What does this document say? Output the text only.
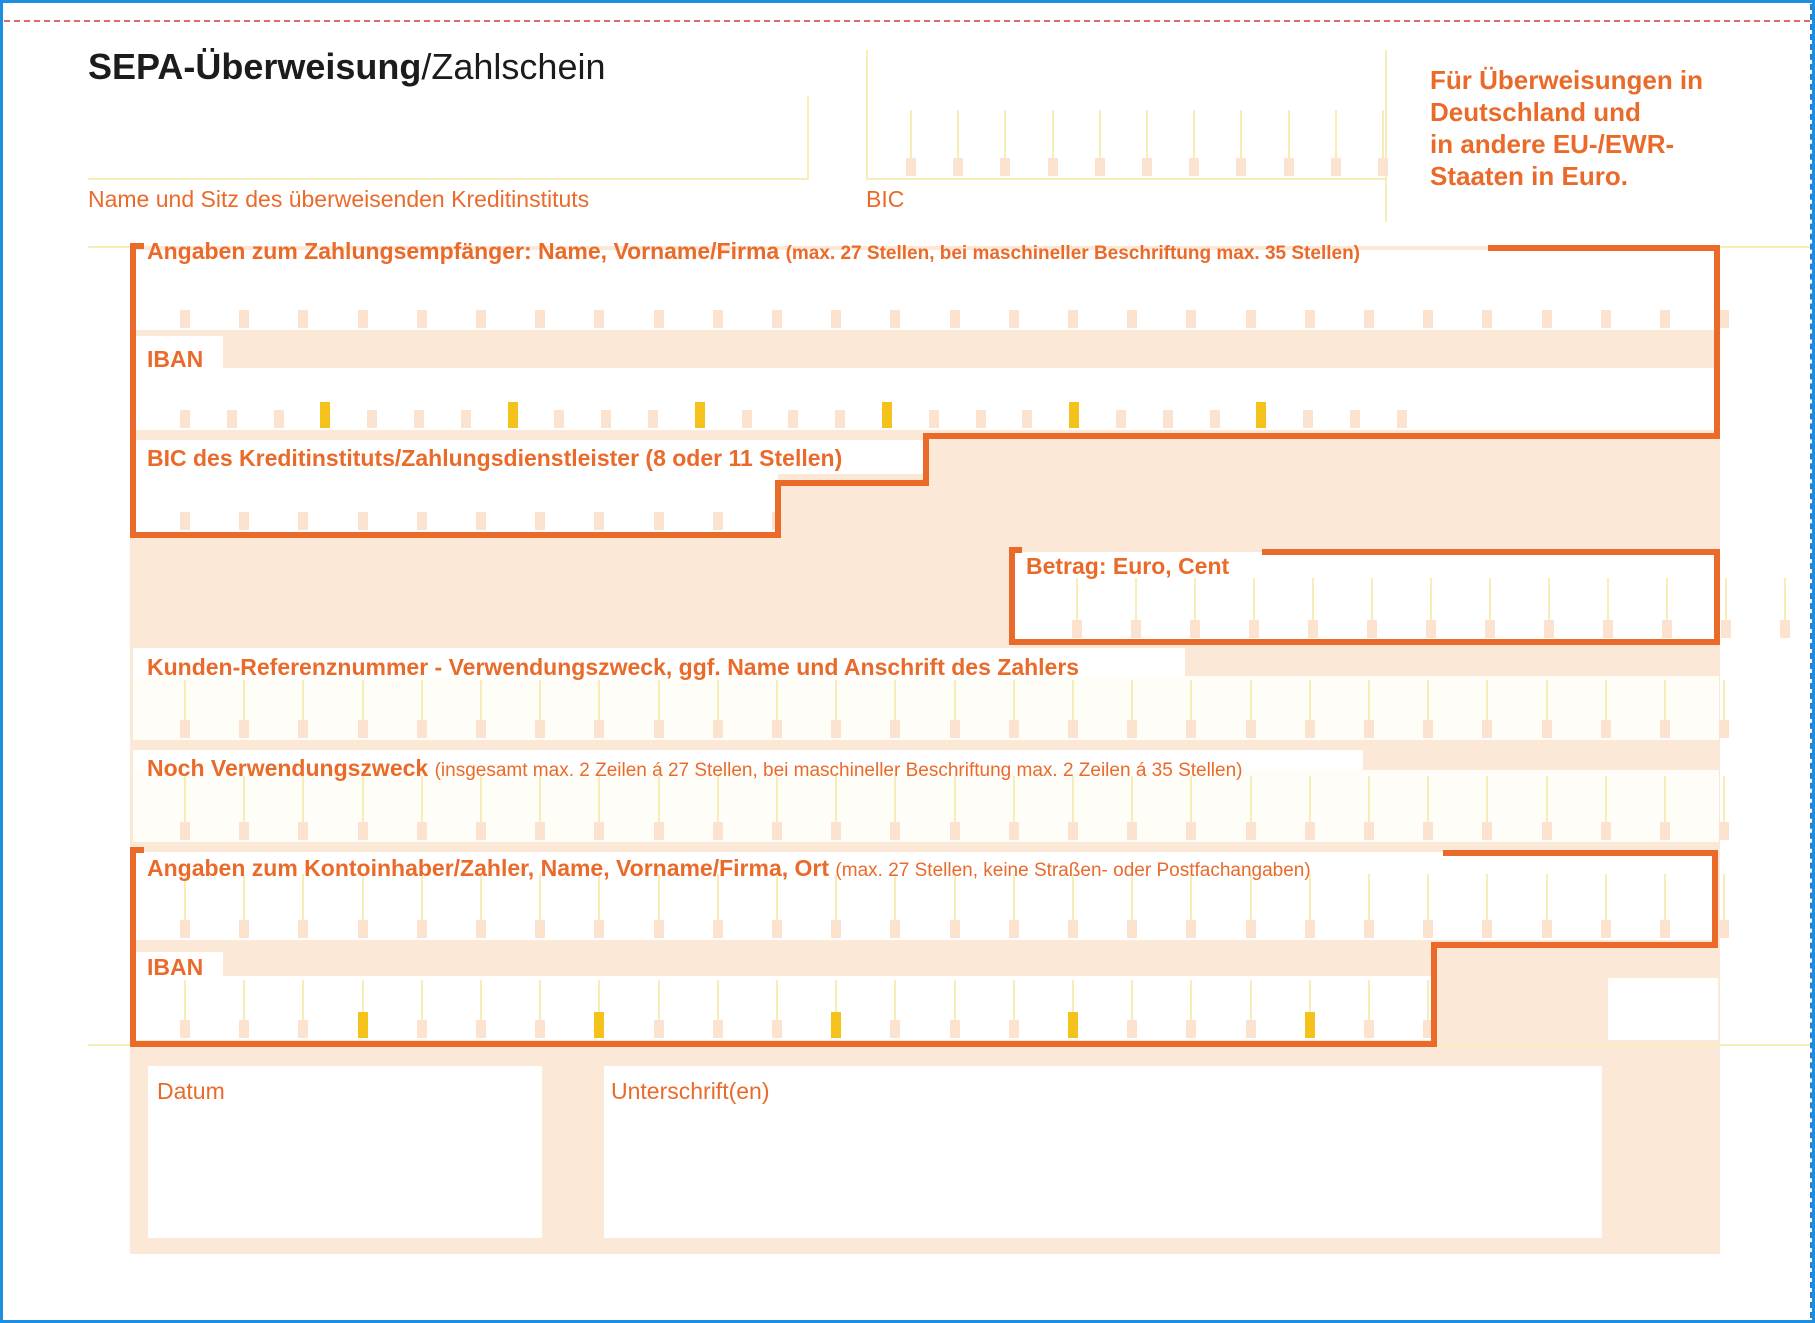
SEPA-Überweisung/Zahlschein
Name und Sitz des überweisenden Kreditinstituts	BIC
Für Überweisungen in
Deutschland und
in andere EU-/EWR-
Staaten in Euro.
Angaben zum Zahlungsempfänger: Name, Vorname/Firma (max. 27 Stellen, bei maschineller Beschriftung max. 35 Stellen)
IBAN
BIC des Kreditinstituts/Zahlungsdienstleister (8 oder 11 Stellen)
Betrag: Euro, Cent
Kunden-Referenznummer - Verwendungszweck, ggf. Name und Anschrift des Zahlers
Noch Verwendungszweck (insgesamt max. 2 Zeilen á 27 Stellen, bei maschineller Beschriftung max. 2 Zeilen á 35 Stellen)
Angaben zum Kontoinhaber/Zahler, Name, Vorname/Firma, Ort (max. 27 Stellen, keine Straßen- oder Postfachangaben)
IBAN
Datum	Unterschrift(en)
